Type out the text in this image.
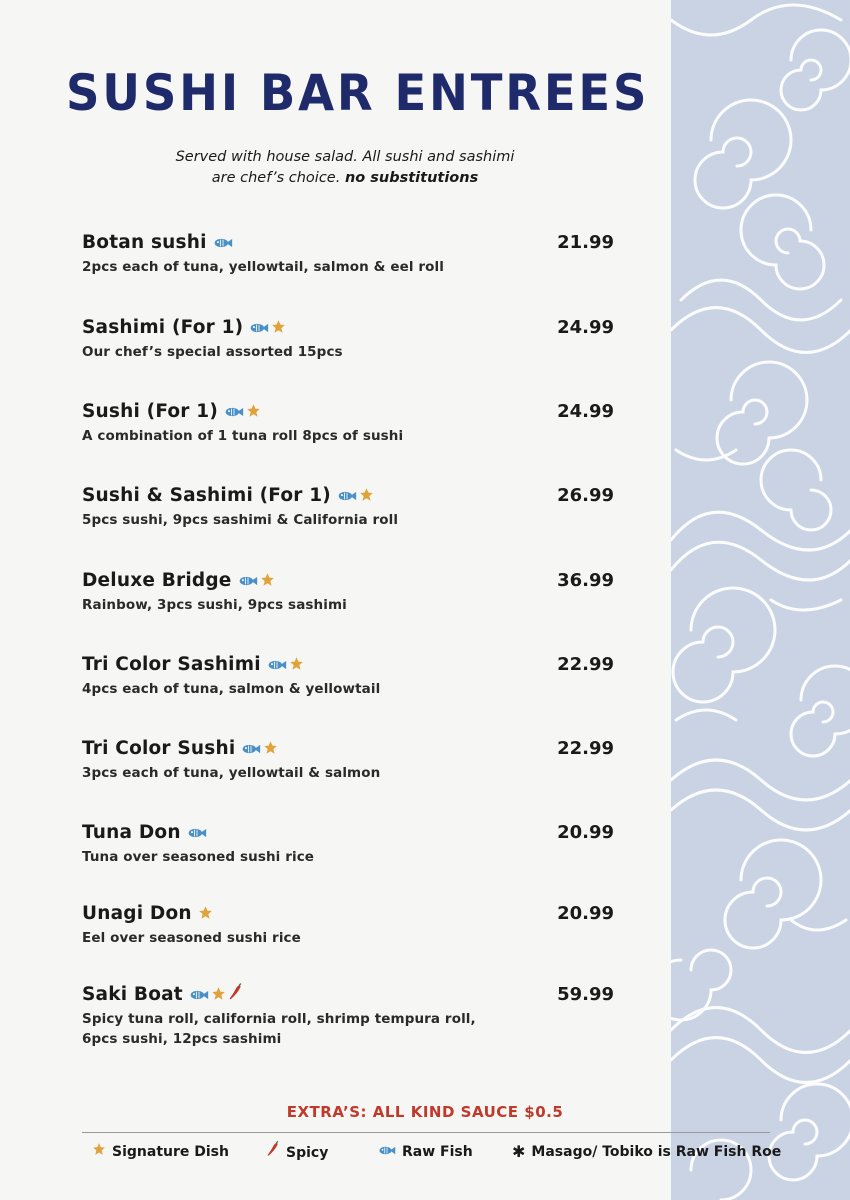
SUSHI BAR ENTREES
Served with house salad. All sushi and sashimi
are chef’s choice. no substitutions
Botan sushi	21.99
2pcs each of tuna, yellowtail, salmon & eel roll
Sashimi (For 1)	24.99
Our chef’s special assorted 15pcs
Sushi (For 1)	24.99
A combination of 1 tuna roll 8pcs of sushi
Sushi & Sashimi (For 1)	26.99
5pcs sushi, 9pcs sashimi & California roll
Deluxe Bridge	36.99
Rainbow, 3pcs sushi, 9pcs sashimi
Tri Color Sashimi	22.99
4pcs each of tuna, salmon & yellowtail
Tri Color Sushi	22.99
3pcs each of tuna, yellowtail & salmon
Tuna Don	20.99
Tuna over seasoned sushi rice
Unagi Don	20.99
Eel over seasoned sushi rice
Saki Boat	59.99
Spicy tuna roll, california roll, shrimp tempura roll, 6pcs sushi, 12pcs sashimi
EXTRA’S: ALL KIND SAUCE $0.5
Signature Dish	Spicy	Raw Fish ✱ Masago/ Tobiko is Raw Fish Roe
